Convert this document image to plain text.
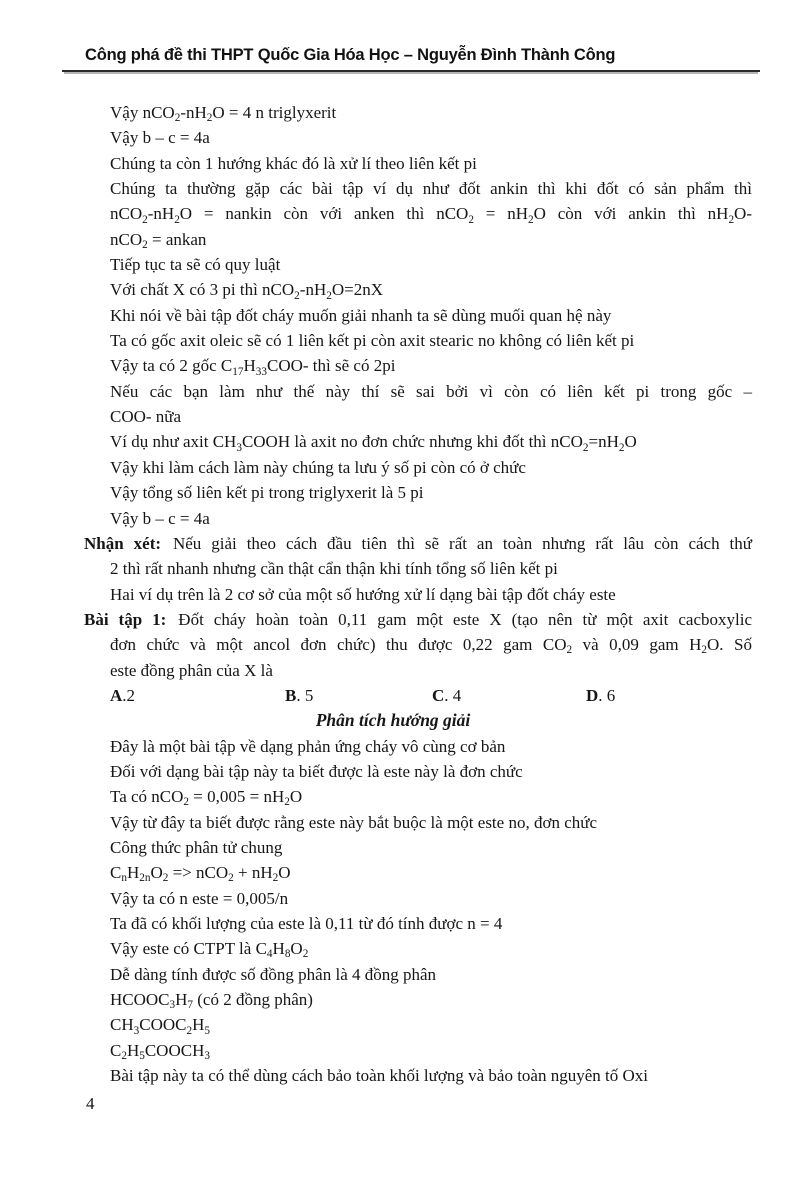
Công phá đề thi THPT Quốc Gia Hóa Học – Nguyễn Đình Thành Công
Vậy $nCO_2-nH_2O = 4$ n triglyxerit
Vậy b – c = 4a
Chúng ta còn 1 hướng khác đó là xử lí theo liên kết pi
Chúng ta thường gặp các bài tập ví dụ như đốt ankin thì khi đốt có sản phẩm thì
$nCO_2-nH_2O$ = nankin còn với anken thì $nCO_2 = nH_2O$ còn với ankin thì $nH_2O-$
nCO$_2$ = ankan
Tiếp tục ta sẽ có quy luật
Với chất X có 3 pi thì $nCO_2-nH_2O=2nX$
Khi nói về bài tập đốt cháy muốn giải nhanh ta sẽ dùng muối quan hệ này
Ta có gốc axit oleic sẽ có 1 liên kết pi còn axit stearic no không có liên kết pi
Vậy ta có 2 gốc $C_{17}H_{33}COO-$ thì sẽ có 2pi
Nếu các bạn làm như thế này thí sẽ sai bởi vì còn có liên kết pi trong gốc –
COO- nữa
Ví dụ như axit $CH_3COOH$ là axit no đơn chức nhưng khi đốt thì $nCO_2=nH_2O$
Vậy khi làm cách làm này chúng ta lưu ý số pi còn có ở chức
Vậy tổng số liên kết pi trong triglyxerit là 5 pi
Vậy b – c = 4a
Nhận xét: Nếu giải theo cách đầu tiên thì sẽ rất an toàn nhưng rất lâu còn cách thứ
2 thì rất nhanh nhưng cần thật cẩn thận khi tính tổng số liên kết pi
Hai ví dụ trên là 2 cơ sở của một số hướng xử lí dạng bài tập đốt cháy este
Bài tập 1: Đốt cháy hoàn toàn 0,11 gam một este X (tạo nên từ một axit cacboxylic
đơn chức và một ancol đơn chức) thu được 0,22 gam $CO_2$ và 0,09 gam $H_2O$. Số
este đồng phân của X là
A.2	B. 5	C. 4	D. 6
Phân tích hướng giải
Đây là một bài tập về dạng phản ứng cháy vô cùng cơ bản
Đối với dạng bài tập này ta biết được là este này là đơn chức
Ta có $nCO_2 = 0,005 = nH_2O$
Vậy từ đây ta biết được rằng este này bắt buộc là một este no, đơn chức
Công thức phân tử chung
$C_nH_{2n}O_2 => nCO_2 + nH_2O$
Vậy ta có n este = 0,005/n
Ta đã có khối lượng của este là 0,11 từ đó tính được n = 4
Vậy este có CTPT là $C_4H_8O_2$
Dễ dàng tính được số đồng phân là 4 đồng phân
$HCOOC_3H_7$ (có 2 đồng phân)
$CH_3COOC_2H_5$
$C_2H_5COOCH_3$
Bài tập này ta có thể dùng cách bảo toàn khối lượng và bảo toàn nguyên tố Oxi
4
